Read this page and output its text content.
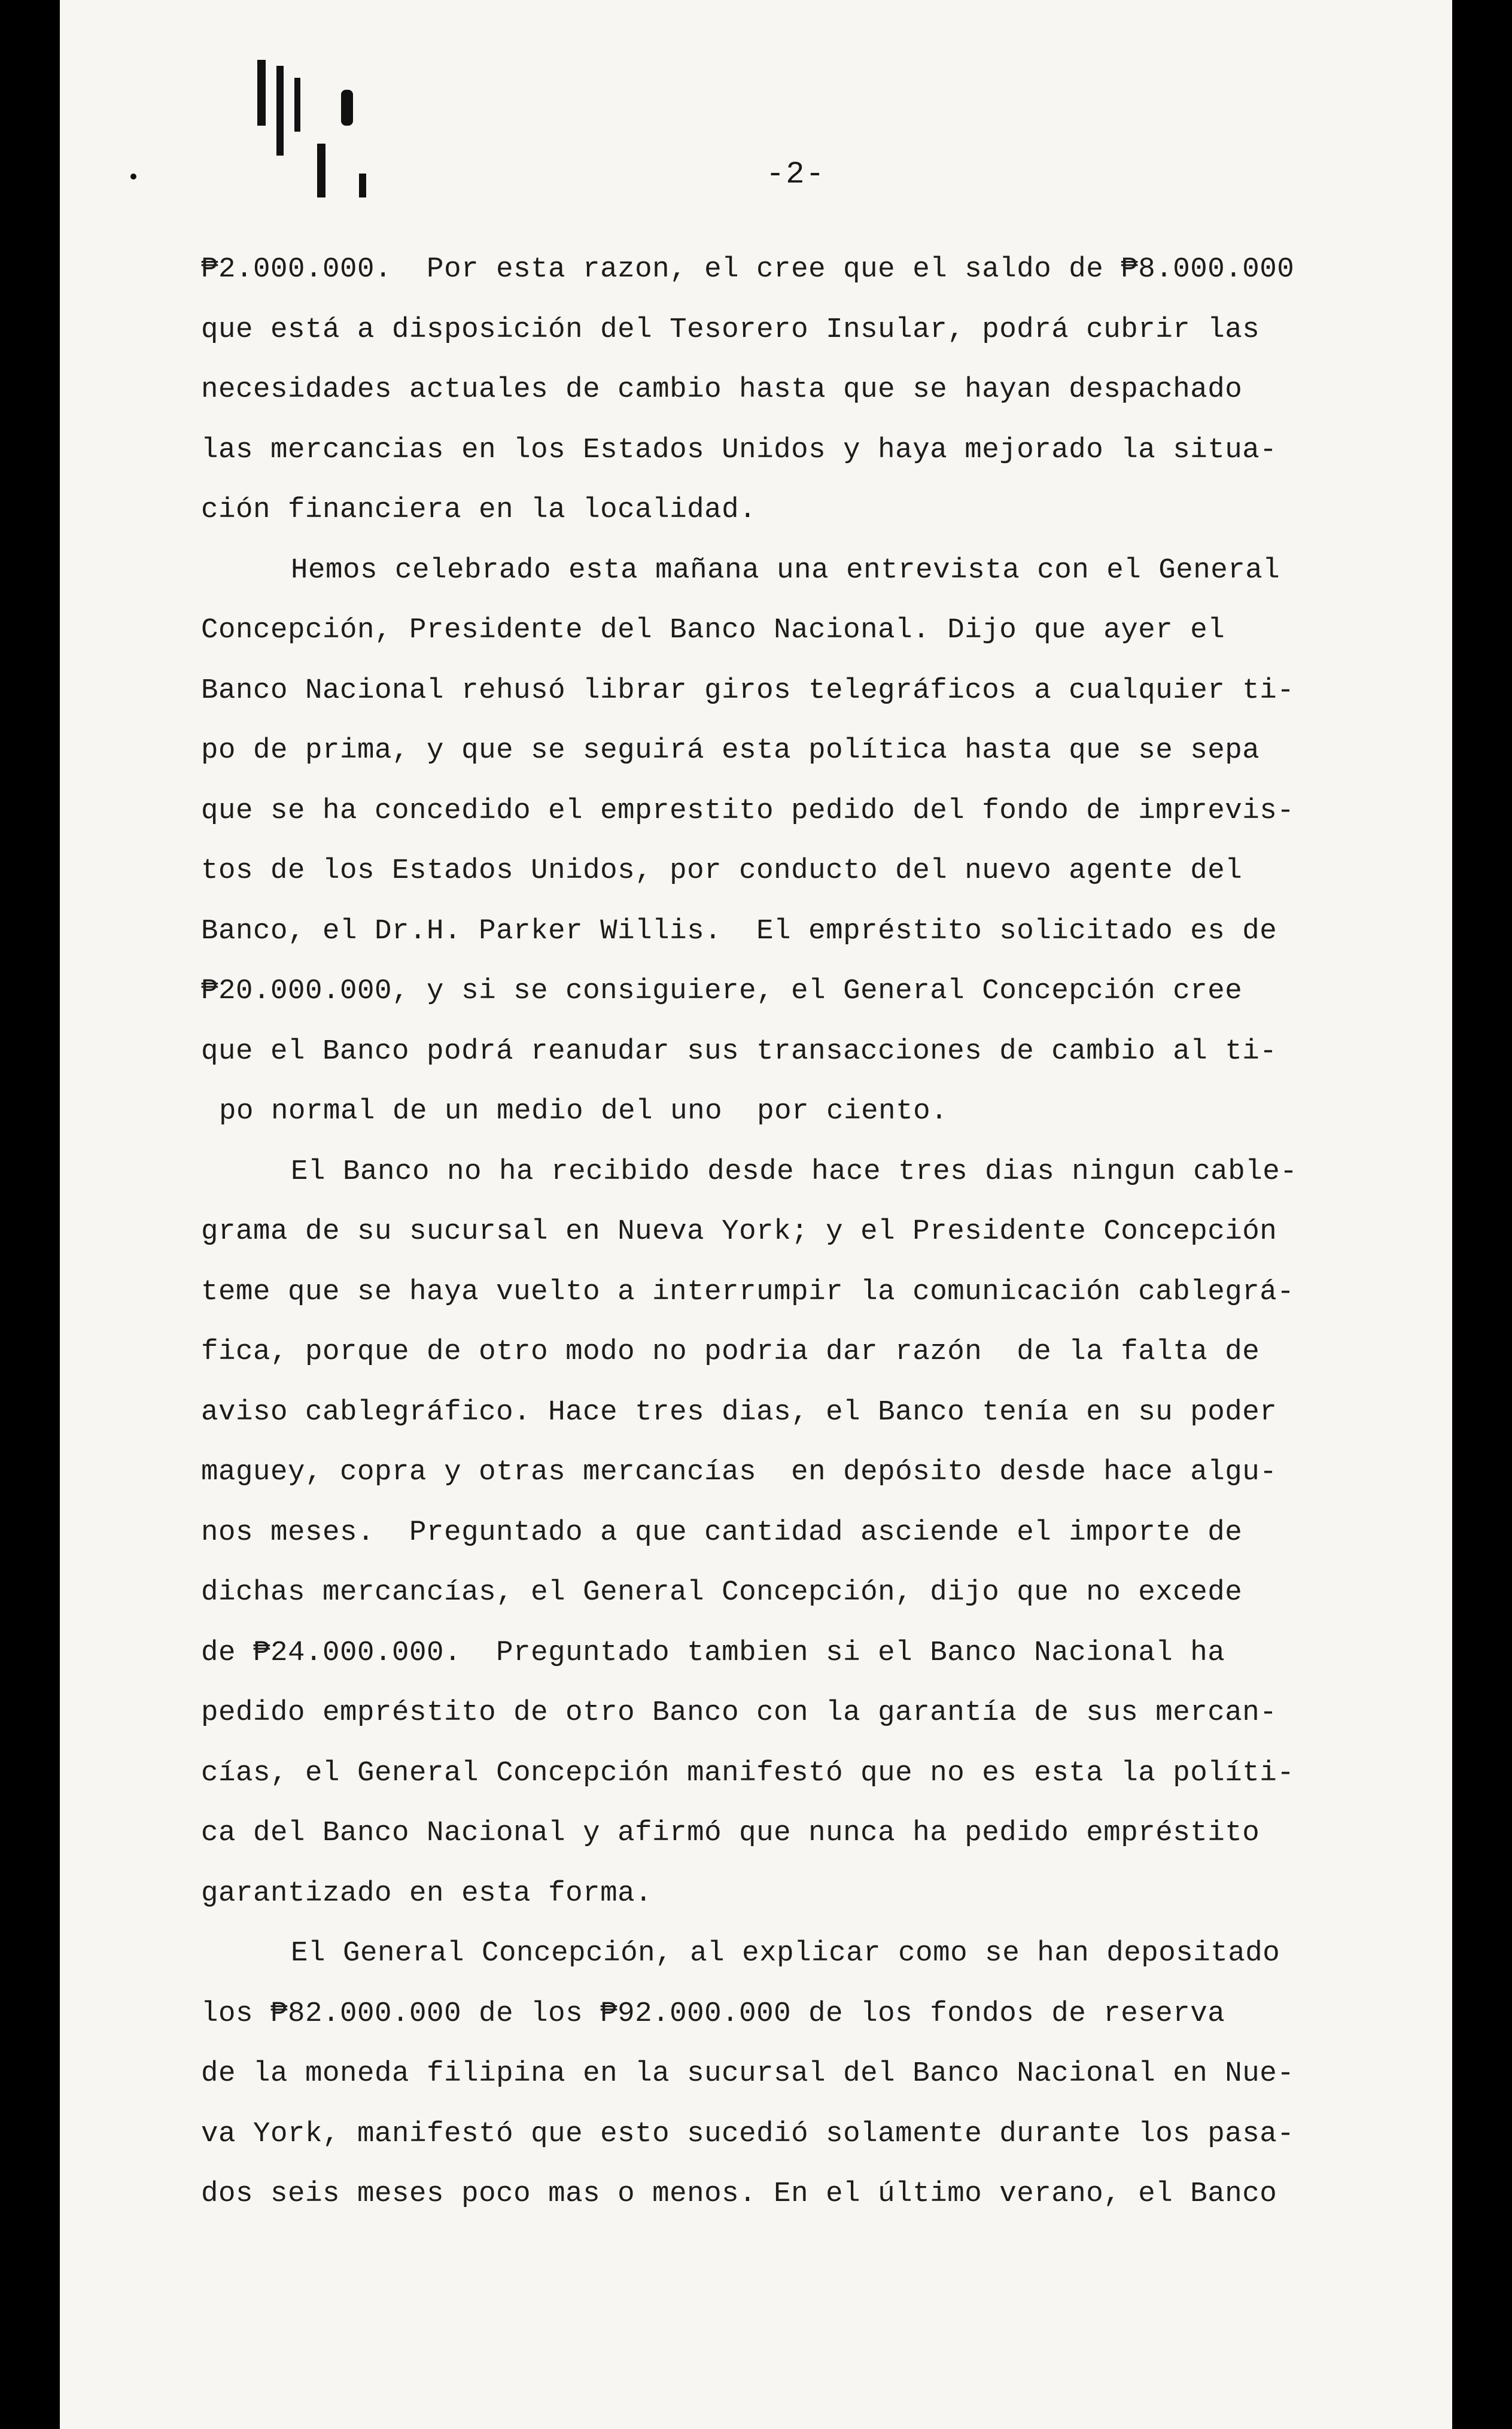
-2-
₱2.000.000.  Por esta razon, el cree que el saldo de ₱8.000.000
que está a disposición del Tesorero Insular, podrá cubrir las
necesidades actuales de cambio hasta que se hayan despachado
las mercancias en los Estados Unidos y haya mejorado la situa-
ción financiera en la localidad.
Hemos celebrado esta mañana una entrevista con el General
Concepción, Presidente del Banco Nacional. Dijo que ayer el
Banco Nacional rehusó librar giros telegráficos a cualquier ti-
po de prima, y que se seguirá esta política hasta que se sepa
que se ha concedido el emprestito pedido del fondo de imprevis-
tos de los Estados Unidos, por conducto del nuevo agente del
Banco, el Dr.H. Parker Willis.  El empréstito solicitado es de
₱20.000.000, y si se consiguiere, el General Concepción cree
que el Banco podrá reanudar sus transacciones de cambio al ti-
po normal de un medio del uno  por ciento.
El Banco no ha recibido desde hace tres dias ningun cable-
grama de su sucursal en Nueva York; y el Presidente Concepción
teme que se haya vuelto a interrumpir la comunicación cablegrá-
fica, porque de otro modo no podria dar razón  de la falta de
aviso cablegráfico. Hace tres dias, el Banco tenía en su poder
maguey, copra y otras mercancías  en depósito desde hace algu-
nos meses.  Preguntado a que cantidad asciende el importe de
dichas mercancías, el General Concepción, dijo que no excede
de ₱24.000.000.  Preguntado tambien si el Banco Nacional ha
pedido empréstito de otro Banco con la garantía de sus mercan-
cías, el General Concepción manifestó que no es esta la políti-
ca del Banco Nacional y afirmó que nunca ha pedido empréstito
garantizado en esta forma.
El General Concepción, al explicar como se han depositado
los ₱82.000.000 de los ₱92.000.000 de los fondos de reserva
de la moneda filipina en la sucursal del Banco Nacional en Nue-
va York, manifestó que esto sucedió solamente durante los pasa-
dos seis meses poco mas o menos. En el último verano, el Banco
